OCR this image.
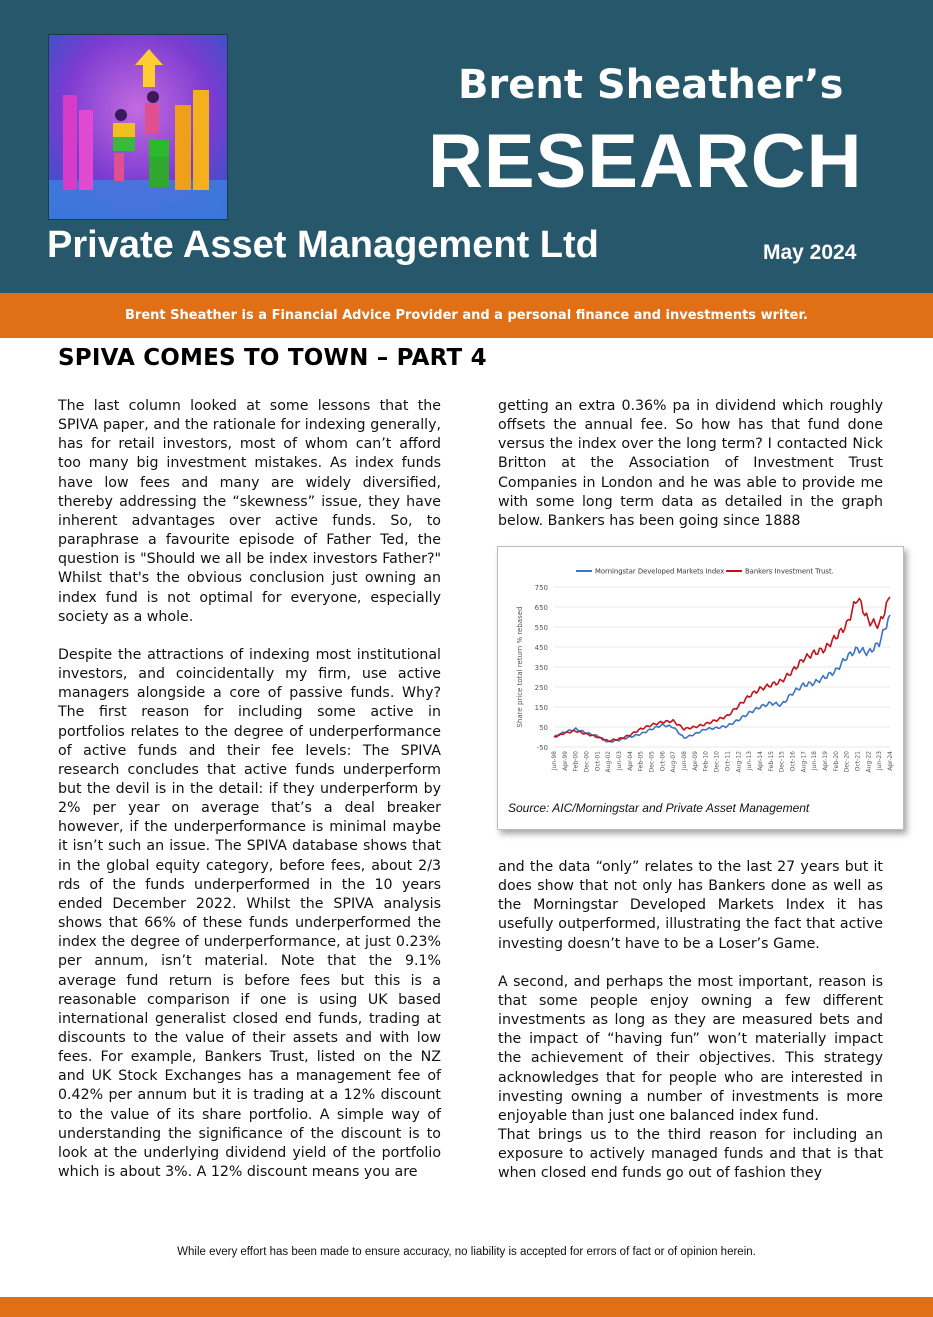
Brent Sheather’s
RESEARCH
Private Asset Management Ltd	May 2024
Brent Sheather is a Financial Advice Provider and a personal finance and investments writer.
SPIVA COMES TO TOWN – PART 4

The last column looked at some lessons that the SPIVA paper, and the rationale for indexing generally, has for retail investors, most of whom can’t afford too many big investment mistakes. As index funds have low fees and many are widely diversified, thereby addressing the “skewness” issue, they have inherent advantages over active funds. So, to paraphrase a favourite episode of Father Ted, the question is "Should we all be index investors Father?" Whilst that's the obvious conclusion just owning an index fund is not optimal for everyone, especially society as a whole.

Despite the attractions of indexing most institutional investors, and coincidentally my firm, use active managers alongside a core of passive funds. Why? The first reason for including some active in portfolios relates to the degree of underperformance of active funds and their fee levels: The SPIVA research concludes that active funds underperform but the devil is in the detail: if they underperform by 2% per year on average that’s a deal breaker however, if the underperformance is minimal maybe it isn’t such an issue. The SPIVA database shows that in the global equity category, before fees, about 2/3 rds of the funds underperformed in the 10 years ended December 2022. Whilst the SPIVA analysis shows that 66% of these funds underperformed the index the degree of underperformance, at just 0.23% per annum, isn’t material. Note that the 9.1% average fund return is before fees but this is a reasonable comparison if one is using UK based international generalist closed end funds, trading at discounts to the value of their assets and with low fees. For example, Bankers Trust, listed on the NZ and UK Stock Exchanges has a management fee of 0.42% per annum but it is trading at a 12% discount to the value of its share portfolio. A simple way of understanding the significance of the discount is to look at the underlying dividend yield of the portfolio which is about 3%. A 12% discount means you are

getting an extra 0.36% pa in dividend which roughly offsets the annual fee. So how has that fund done versus the index over the long term? I contacted Nick Britton at the Association of Investment Trust Companies in London and he was able to provide me with some long term data as detailed in the graph below. Bankers has been going since 1888

-50
50
150
250
350
450
550
650
750
Jun-98 Apr-99 Feb-00 Dec-00 Oct-01 Aug-02 Jun-03 Apr-04 Feb-05 Dec-05 Oct-06 Aug-07 Jun-08 Apr-09 Feb-10 Dec-10 Oct-11 Aug-12 Jun-13 Apr-14 Feb-15 Dec-15 Oct-16 Aug-17 Jun-18 Apr-19 Feb-20 Dec-20 Oct-21 Aug-22 Jun-23 Apr-24
Share price total return % rebased
Morningstar Developed Markets Index	Bankers Investment Trust.
Source: AIC/Morningstar and Private Asset Management

and the data “only” relates to the last 27 years but it does show that not only has Bankers done as well as the Morningstar Developed Markets Index it has usefully outperformed, illustrating the fact that active investing doesn’t have to be a Loser’s Game.

A second, and perhaps the most important, reason is that some people enjoy owning a few different investments as long as they are measured bets and the impact of “having fun” won’t materially impact the achievement of their objectives. This strategy acknowledges that for people who are interested in investing owning a number of investments is more enjoyable than just one balanced index fund.

That brings us to the third reason for including an exposure to actively managed funds and that is that when closed end funds go out of fashion they

While every effort has been made to ensure accuracy, no liability is accepted for errors of fact or of opinion herein.
